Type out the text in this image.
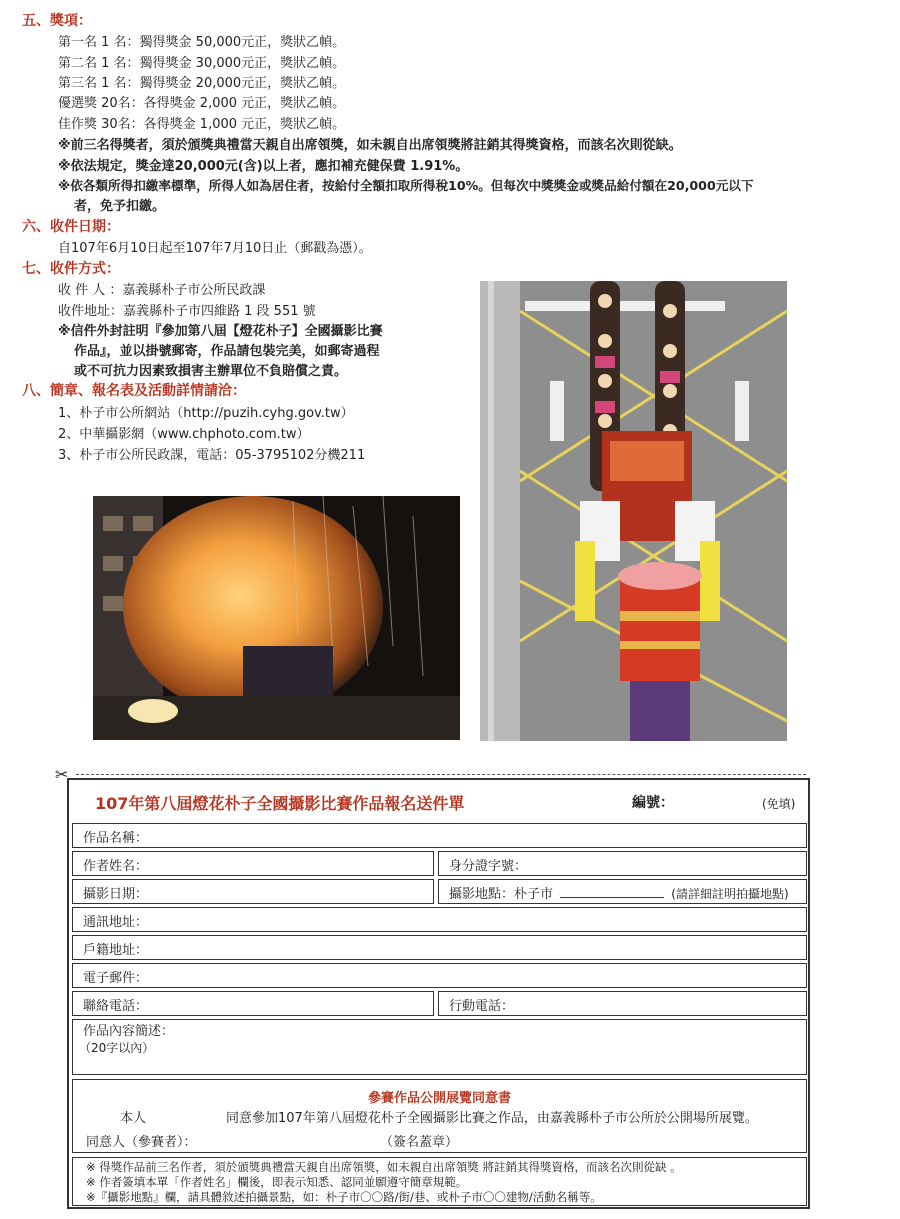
五、獎項：
第一名 1 名：獨得獎金 50,000元正，獎狀乙幀。
第二名 1 名：獨得獎金 30,000元正，獎狀乙幀。
第三名 1 名：獨得獎金 20,000元正，獎狀乙幀。
優選獎 20名：各得獎金 2,000 元正，獎狀乙幀。
佳作獎 30名：各得獎金 1,000 元正，獎狀乙幀。
※前三名得獎者，須於頒獎典禮當天親自出席領獎，如未親自出席領獎將註銷其得獎資格，而該名次則從缺。
※依法規定，獎金達20,000元(含)以上者，應扣補充健保費 1.91%。
※依各類所得扣繳率標準，所得人如為居住者，按給付全額扣取所得稅10%。但每次中獎獎金或獎品給付額在20,000元以下
者，免予扣繳。
六、收件日期：
自107年6月10日起至107年7月10日止（郵戳為憑）。
七、收件方式：
收 件 人 ：嘉義縣朴子市公所民政課
收件地址：嘉義縣朴子市四維路 1 段 551 號
※信件外封註明『參加第八屆【燈花朴子】全國攝影比賽
作品』，並以掛號郵寄，作品請包裝完美，如郵寄過程
或不可抗力因素致損害主辦單位不負賠償之責。
八、簡章、報名表及活動詳情請洽：
1、朴子市公所網站（http://puzih.cyhg.gov.tw）
2、中華攝影網（www.chphoto.com.tw）
3、朴子市公所民政課，電話：05-3795102分機211
✂
107年第八屆燈花朴子全國攝影比賽作品報名送件單	編號：	(免填)
作品名稱：
作者姓名：	身分證字號：
攝影日期：	攝影地點：朴子市	(請詳細註明拍攝地點)
通訊地址：
戶籍地址：
電子郵件：
聯絡電話：	行動電話：
作品內容簡述：
（20字以內）
參賽作品公開展覽同意書
本人	同意參加107年第八屆燈花朴子全國攝影比賽之作品，由嘉義縣朴子市公所於公開場所展覽。
同意人（參賽者）：	（簽名蓋章）
※ 得獎作品前三名作者，須於頒獎典禮當天親自出席領獎，如未親自出席領獎 將註銷其得獎資格，而該名次則從缺 。
※ 作者簽填本單「作者姓名」欄後，即表示知悉、認同並願遵守簡章規範。
※『攝影地點』欄，請具體敘述拍攝景點，如：朴子市〇〇路/街/巷、或朴子市〇〇建物/活動名稱等。
